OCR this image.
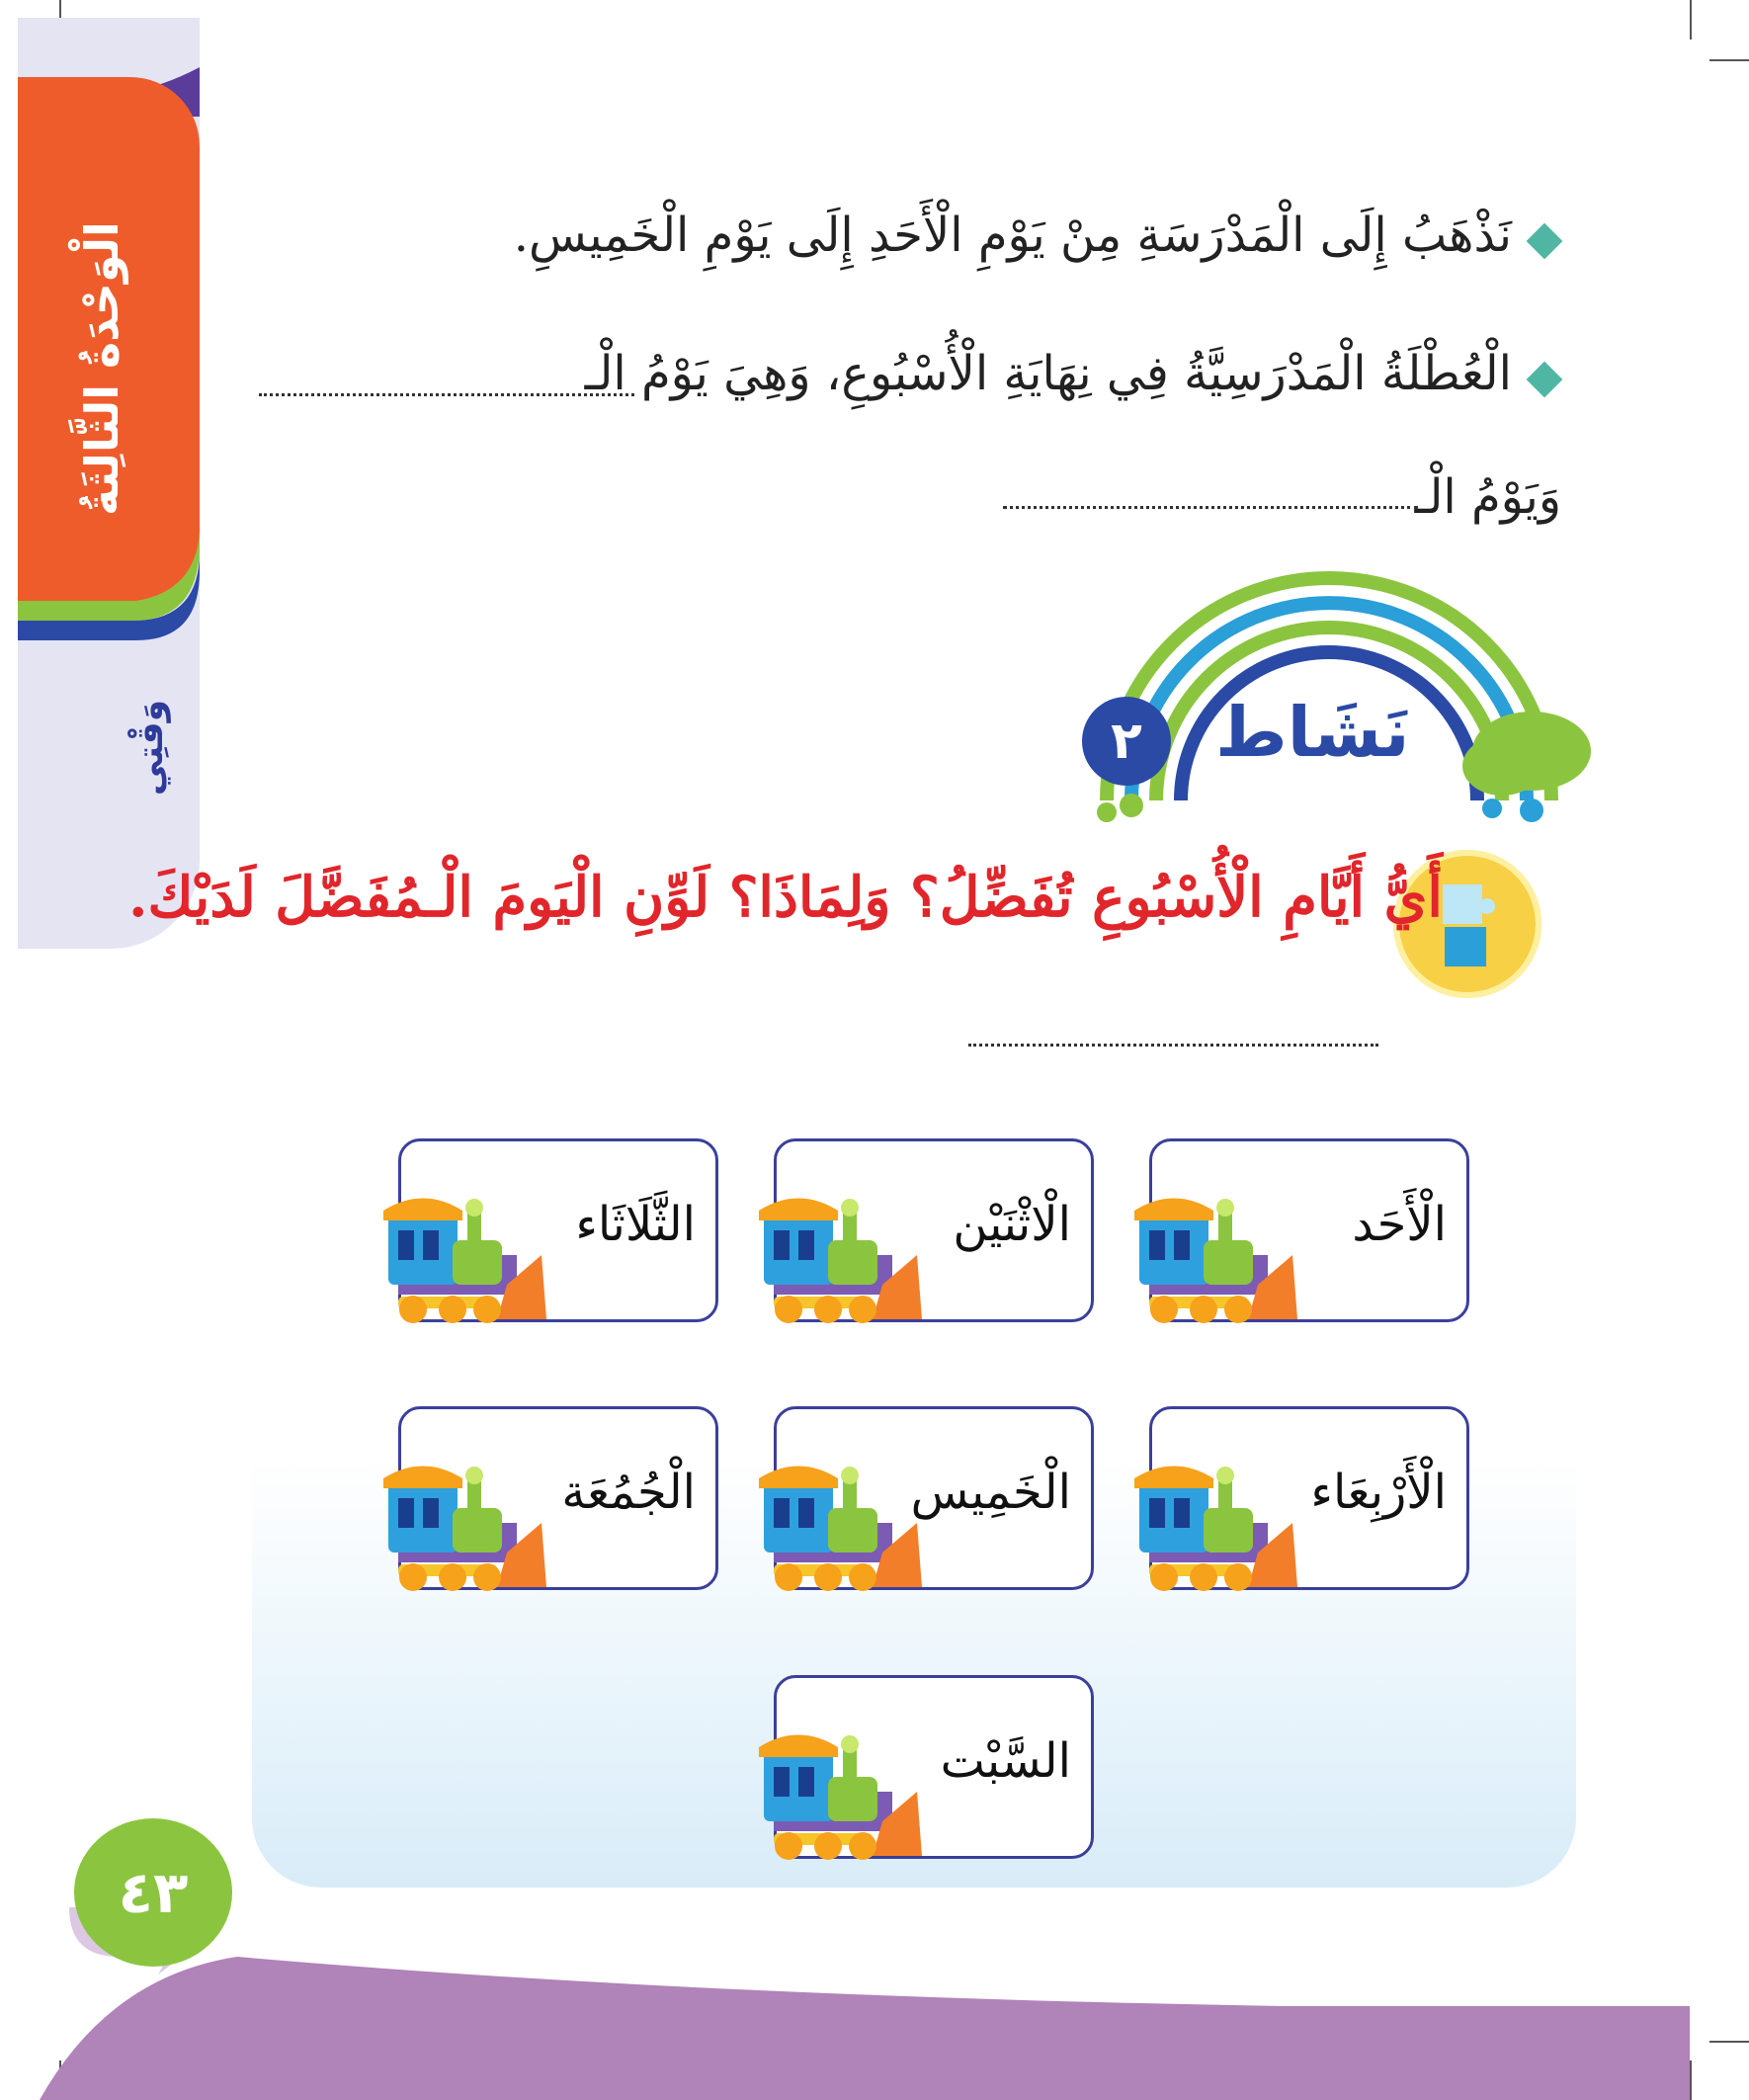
الْوَحْدَةُ الثَّالِثَةُ
وَقْتِي
نَذْهَبُ إِلَى الْمَدْرَسَةِ مِنْ يَوْمِ الْأَحَدِ إِلَى يَوْمِ الْخَمِيسِ.
الْعُطْلَةُ الْمَدْرَسِيَّةُ فِي نِهَايَةِ الْأُسْبُوعِ، وَهِيَ يَوْمُ الْـ
وَيَوْمُ الْـ
نَشَاط
٢
أَيُّ أَيَّامِ الْأُسْبُوعِ تُفَضِّلُ؟ وَلِمَاذَا؟ لَوِّنِ الْيَومَ الْـمُفَضَّلَ لَدَيْكَ.
الْأَحَد
الْاثْنَيْن
الثَّلَاثَاء
الْأَرْبِعَاء
الْخَمِيس
الْجُمُعَة
السَّبْت
٤٣
